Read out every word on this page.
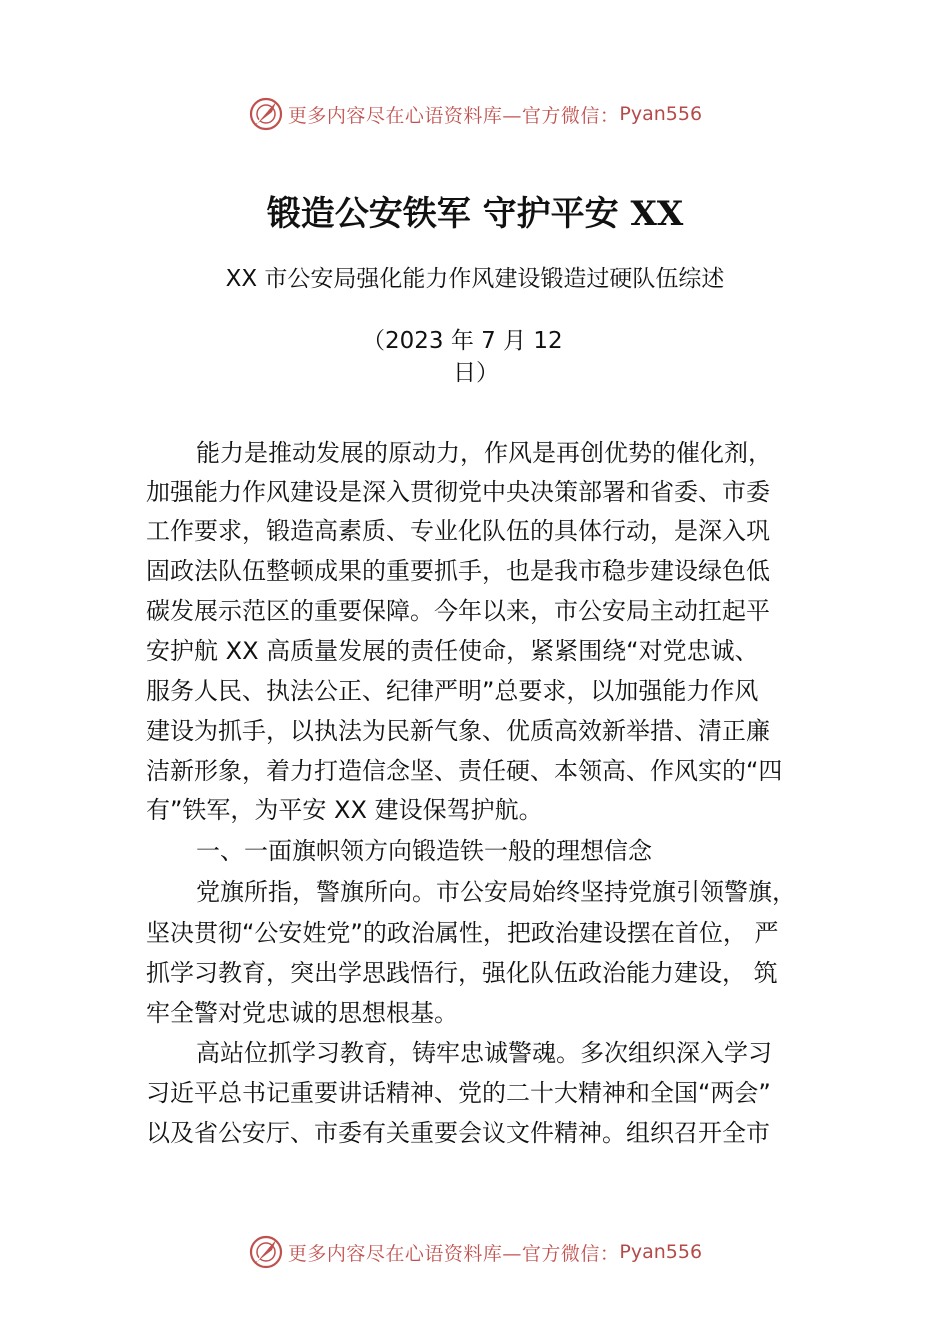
更多内容尽在心语资料库—官方微信： Pyan556
锻造公安铁军 守护平安 XX
XX 市公安局强化能力作风建设锻造过硬队伍综述
（2023 年 7 月 12
日）
能力是推动发展的原动力，作风是再创优势的催化剂，
加强能力作风建设是深入贯彻党中央决策部署和省委、市委
工作要求，锻造高素质、专业化队伍的具体行动，是深入巩
固政法队伍整顿成果的重要抓手，也是我市稳步建设绿色低
碳发展示范区的重要保障。今年以来，市公安局主动扛起平
安护航 XX 高质量发展的责任使命，紧紧围绕“对党忠诚、
服务人民、执法公正、纪律严明”总要求，以加强能力作风
建设为抓手，以执法为民新气象、优质高效新举措、清正廉
洁新形象，着力打造信念坚、责任硬、本领高、作风实的“四
有”铁军，为平安 XX 建设保驾护航。
一、一面旗帜领方向锻造铁一般的理想信念
党旗所指，警旗所向。市公安局始终坚持党旗引领警旗，
坚决贯彻“公安姓党”的政治属性，把政治建设摆在首位， 严
抓学习教育，突出学思践悟行，强化队伍政治能力建设， 筑
牢全警对党忠诚的思想根基。
高站位抓学习教育，铸牢忠诚警魂。多次组织深入学习
习近平总书记重要讲话精神、党的二十大精神和全国“两会”
以及省公安厅、市委有关重要会议文件精神。组织召开全市
更多内容尽在心语资料库—官方微信： Pyan556
